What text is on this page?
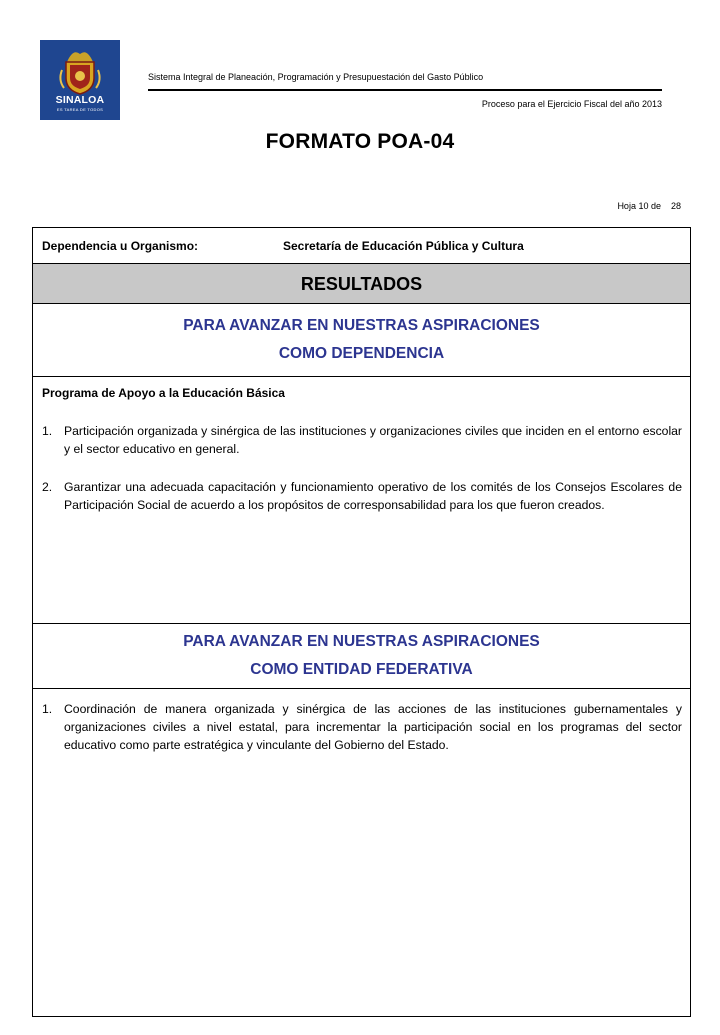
SINALOA
ES TAREA DE TODOS
Sistema Integral de Planeación, Programación y Presupuestación del Gasto Público
Proceso para el Ejercicio Fiscal del año 2013
FORMATO POA-04
Hoja 10 de 28
Dependencia u Organismo:	Secretaría de Educación Pública y Cultura
RESULTADOS
PARA AVANZAR EN NUESTRAS ASPIRACIONES
COMO DEPENDENCIA
Programa de Apoyo a la Educación Básica
1. Participación organizada y sinérgica de las instituciones y organizaciones civiles que inciden en el entorno escolar y el sector educativo en general.
2. Garantizar una adecuada capacitación y funcionamiento operativo de los comités de los Consejos Escolares de Participación Social de acuerdo a los propósitos de corresponsabilidad para los que fueron creados.
PARA AVANZAR EN NUESTRAS ASPIRACIONES
COMO ENTIDAD FEDERATIVA
1. Coordinación de manera organizada y sinérgica de las acciones de las instituciones gubernamentales y organizaciones civiles a nivel estatal, para incrementar la participación social en los programas del sector educativo como parte estratégica y vinculante del Gobierno del Estado.
